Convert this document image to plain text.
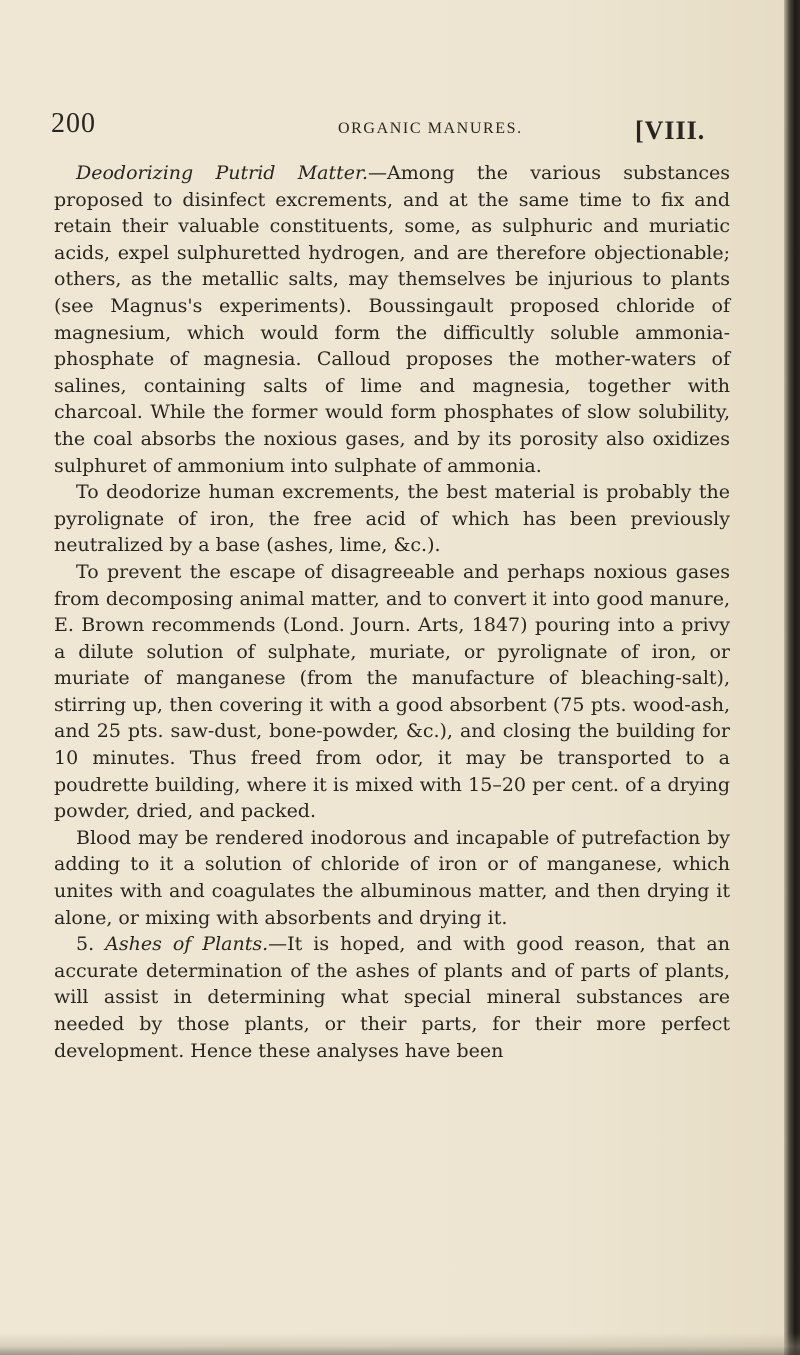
200	ORGANIC MANURES.	[VIII.

Deodorizing Putrid Matter.—Among the various substances proposed to disinfect excrements, and at the same time to fix and retain their valuable constituents, some, as sulphuric and muriatic acids, expel sulphuretted hydrogen, and are therefore objectionable; others, as the metallic salts, may themselves be injurious to plants (see Magnus's experiments). Boussingault proposed chloride of magnesium, which would form the difficultly soluble ammonia-phosphate of magnesia. Calloud proposes the mother-waters of salines, containing salts of lime and magnesia, together with charcoal. While the former would form phosphates of slow solubility, the coal absorbs the noxious gases, and by its porosity also oxidizes sulphuret of ammonium into sulphate of ammonia.

To deodorize human excrements, the best material is probably the pyrolignate of iron, the free acid of which has been previously neutralized by a base (ashes, lime, &c.).

To prevent the escape of disagreeable and perhaps noxious gases from decomposing animal matter, and to convert it into good manure, E. Brown recommends (Lond. Journ. Arts, 1847) pouring into a privy a dilute solution of sulphate, muriate, or pyrolignate of iron, or muriate of manganese (from the manufacture of bleaching-salt), stirring up, then covering it with a good absorbent (75 pts. wood-ash, and 25 pts. saw-dust, bone-powder, &c.), and closing the building for 10 minutes. Thus freed from odor, it may be transported to a poudrette building, where it is mixed with 15–20 per cent. of a drying powder, dried, and packed.

Blood may be rendered inodorous and incapable of putrefaction by adding to it a solution of chloride of iron or of manganese, which unites with and coagulates the albuminous matter, and then drying it alone, or mixing with absorbents and drying it.

5. Ashes of Plants.—It is hoped, and with good reason, that an accurate determination of the ashes of plants and of parts of plants, will assist in determining what special mineral substances are needed by those plants, or their parts, for their more perfect development. Hence these analyses have been
